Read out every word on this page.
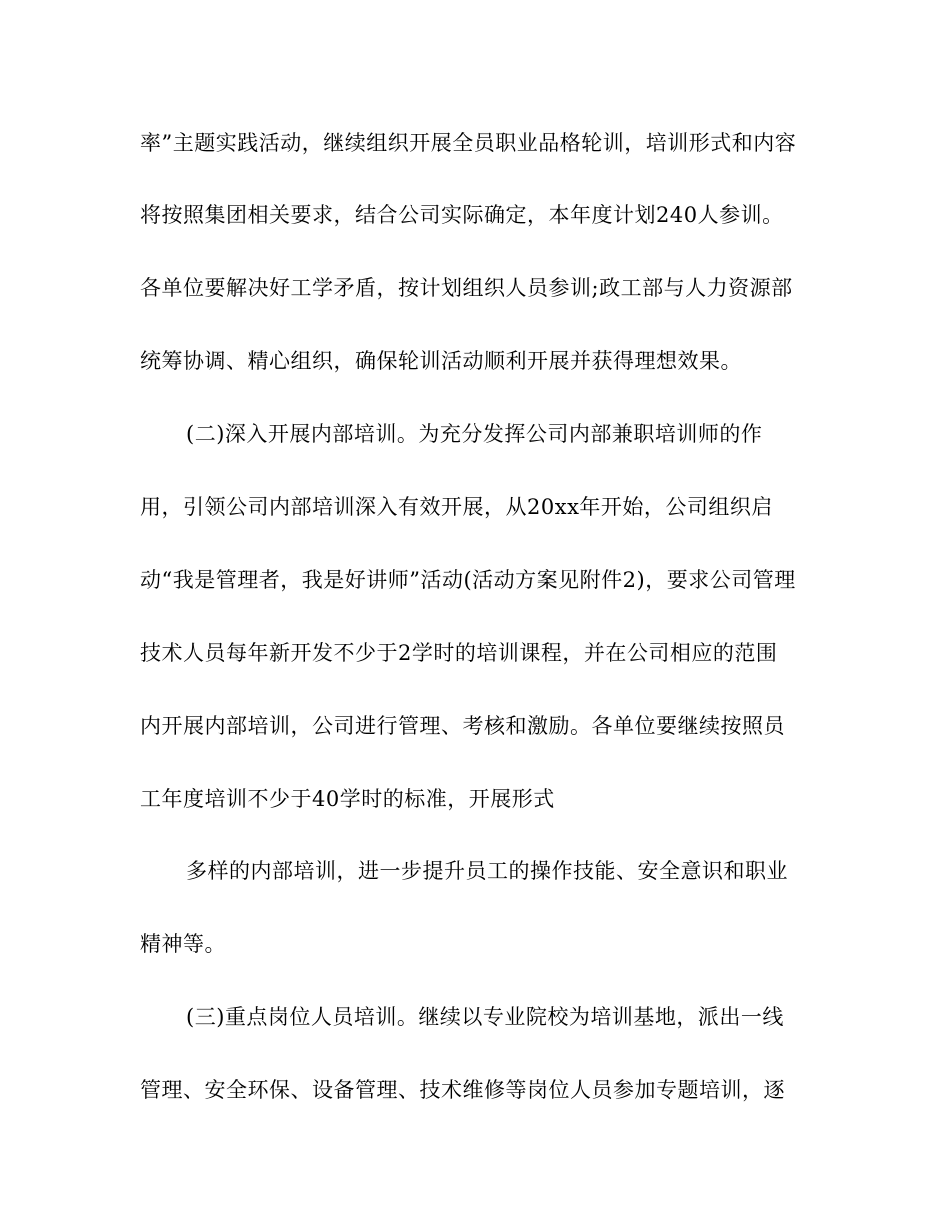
率”主题实践活动，继续组织开展全员职业品格轮训，培训形式和内容
将按照集团相关要求，结合公司实际确定，本年度计划240人参训。
各单位要解决好工学矛盾，按计划组织人员参训;政工部与人力资源部
统筹协调、精心组织，确保轮训活动顺利开展并获得理想效果。
(二)深入开展内部培训。为充分发挥公司内部兼职培训师的作
用，引领公司内部培训深入有效开展，从20xx年开始，公司组织启
动“我是管理者，我是好讲师”活动(活动方案见附件2)，要求公司管理
技术人员每年新开发不少于2学时的培训课程，并在公司相应的范围
内开展内部培训，公司进行管理、考核和激励。各单位要继续按照员
工年度培训不少于40学时的标准，开展形式
多样的内部培训，进一步提升员工的操作技能、安全意识和职业
精神等。
(三)重点岗位人员培训。继续以专业院校为培训基地，派出一线
管理、安全环保、设备管理、技术维修等岗位人员参加专题培训，逐
